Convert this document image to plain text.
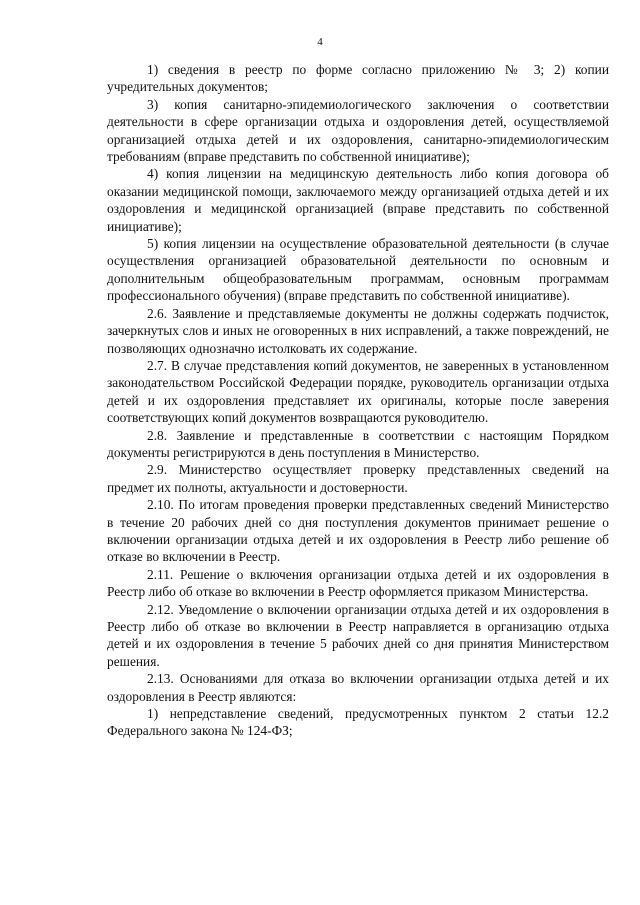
4

1) сведения в реестр по форме согласно приложению № 3; 2) копии учредительных документов;

3) копия санитарно-эпидемиологического заключения о соответствии деятельности в сфере организации отдыха и оздоровления детей, осуществляемой организацией отдыха детей и их оздоровления, санитарно-эпидемиологическим требованиям (вправе представить по собственной инициативе);

4) копия лицензии на медицинскую деятельность либо копия договора об оказании медицинской помощи, заключаемого между организацией отдыха детей и их оздоровления и медицинской организацией (вправе представить по собственной инициативе);

5) копия лицензии на осуществление образовательной деятельности (в случае осуществления организацией образовательной деятельности по основным и дополнительным общеобразовательным программам, основным программам профессионального обучения) (вправе представить по собственной инициативе).

2.6. Заявление и представляемые документы не должны содержать подчисток, зачеркнутых слов и иных не оговоренных в них исправлений, а также повреждений, не позволяющих однозначно истолковать их содержание.

2.7. В случае представления копий документов, не заверенных в установленном законодательством Российской Федерации порядке, руководитель организации отдыха детей и их оздоровления представляет их оригиналы, которые после заверения соответствующих копий документов возвращаются руководителю.

2.8. Заявление и представленные в соответствии с настоящим Порядком документы регистрируются в день поступления в Министерство.

2.9. Министерство осуществляет проверку представленных сведений на предмет их полноты, актуальности и достоверности.

2.10. По итогам проведения проверки представленных сведений Министерство в течение 20 рабочих дней со дня поступления документов принимает решение о включении организации отдыха детей и их оздоровления в Реестр либо решение об отказе во включении в Реестр.

2.11. Решение о включения организации отдыха детей и их оздоровления в Реестр либо об отказе во включении в Реестр оформляется приказом Министерства.

2.12. Уведомление о включении организации отдыха детей и их оздоровления в Реестр либо об отказе во включении в Реестр направляется в организацию отдыха детей и их оздоровления в течение 5 рабочих дней со дня принятия Министерством решения.

2.13. Основаниями для отказа во включении организации отдыха детей и их оздоровления в Реестр являются:

1) непредставление сведений, предусмотренных пунктом 2 статьи 12.2 Федерального закона № 124-ФЗ;
